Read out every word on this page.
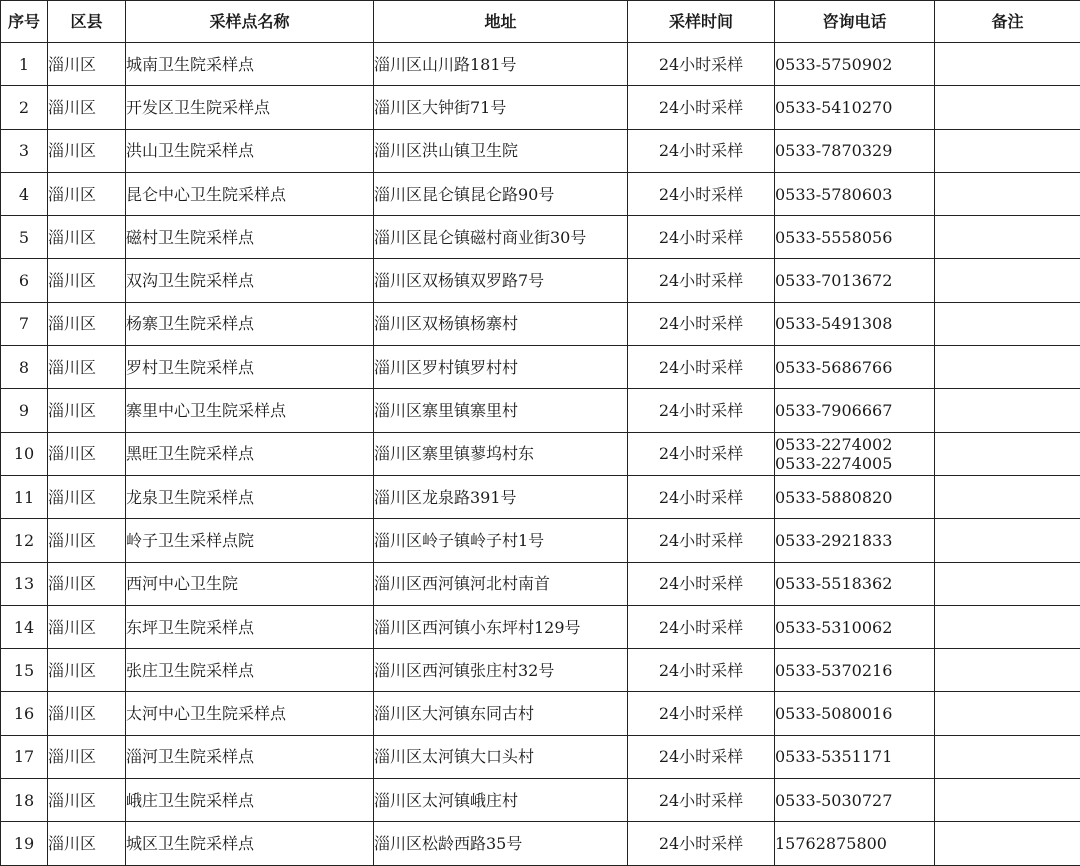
序号	区县	采样点名称	地址	采样时间	咨询电话	备注
1	淄川区	城南卫生院采样点	淄川区山川路181号	24小时采样	0533-5750902	

2	淄川区	开发区卫生院采样点	淄川区大钟街71号	24小时采样	0533-5410270	

3	淄川区	洪山卫生院采样点	淄川区洪山镇卫生院	24小时采样	0533-7870329	

4	淄川区	昆仑中心卫生院采样点	淄川区昆仑镇昆仑路90号	24小时采样	0533-5780603	

5	淄川区	磁村卫生院采样点	淄川区昆仑镇磁村商业街30号	24小时采样	0533-5558056	

6	淄川区	双沟卫生院采样点	淄川区双杨镇双罗路7号	24小时采样	0533-7013672	

7	淄川区	杨寨卫生院采样点	淄川区双杨镇杨寨村	24小时采样	0533-5491308	

8	淄川区	罗村卫生院采样点	淄川区罗村镇罗村村	24小时采样	0533-5686766	

9	淄川区	寨里中心卫生院采样点	淄川区寨里镇寨里村	24小时采样	0533-7906667	

10	淄川区	黑旺卫生院采样点	淄川区寨里镇蓼坞村东	24小时采样	0533-2274002
0533-2274005	

11	淄川区	龙泉卫生院采样点	淄川区龙泉路391号	24小时采样	0533-5880820	

12	淄川区	岭子卫生采样点院	淄川区岭子镇岭子村1号	24小时采样	0533-2921833	

13	淄川区	西河中心卫生院	淄川区西河镇河北村南首	24小时采样	0533-5518362	

14	淄川区	东坪卫生院采样点	淄川区西河镇小东坪村129号	24小时采样	0533-5310062	

15	淄川区	张庄卫生院采样点	淄川区西河镇张庄村32号	24小时采样	0533-5370216	

16	淄川区	太河中心卫生院采样点	淄川区大河镇东同古村	24小时采样	0533-5080016	

17	淄川区	淄河卫生院采样点	淄川区太河镇大口头村	24小时采样	0533-5351171	

18	淄川区	峨庄卫生院采样点	淄川区太河镇峨庄村	24小时采样	0533-5030727	

19	淄川区	城区卫生院采样点	淄川区松龄西路35号	24小时采样	15762875800	
